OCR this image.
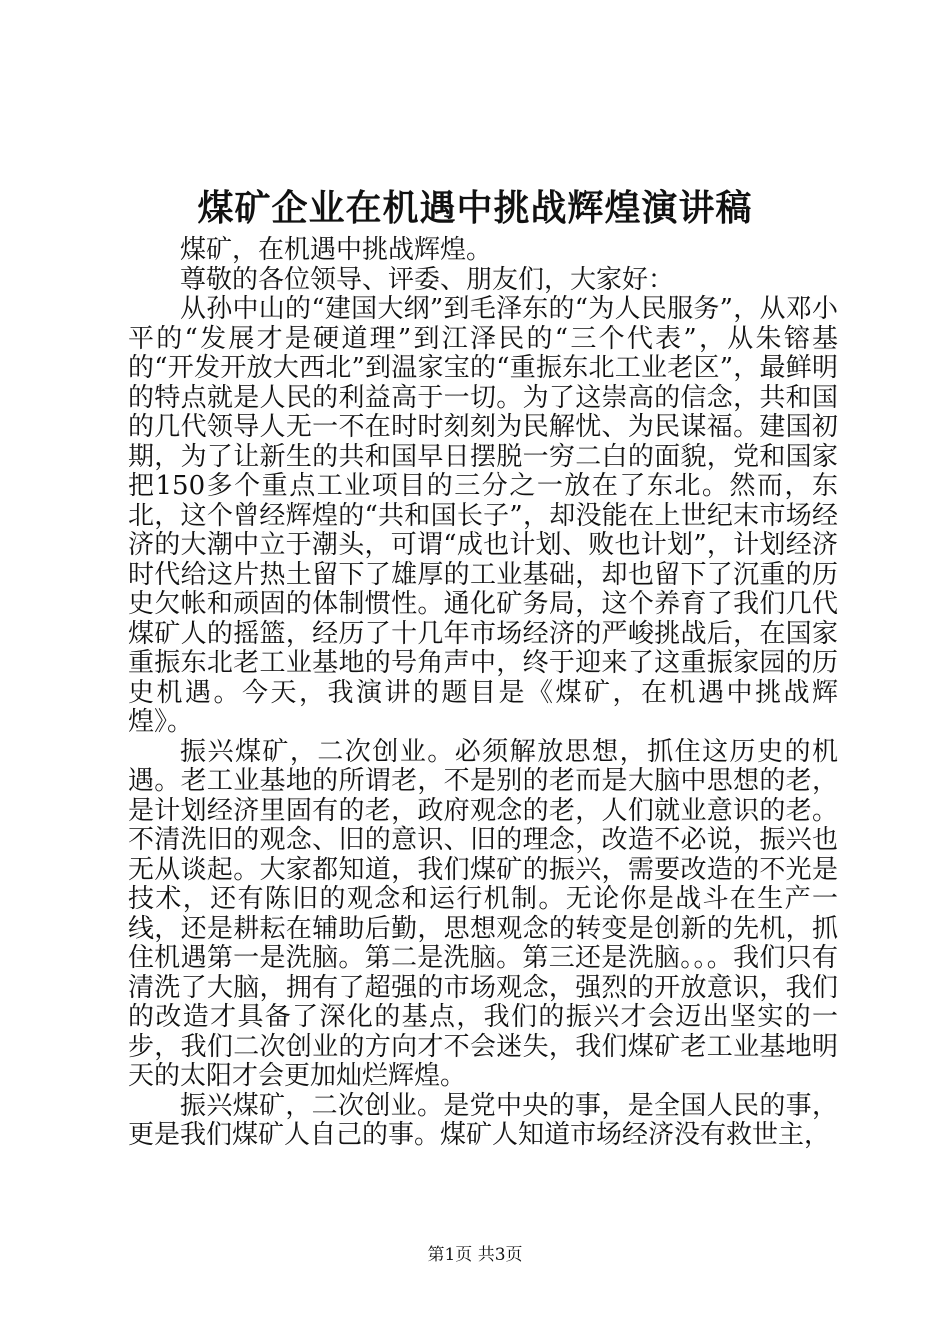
煤矿企业在机遇中挑战辉煌演讲稿

煤矿，在机遇中挑战辉煌。

尊敬的各位领导、评委、朋友们，大家好：

从孙中山的“建国大纲”到毛泽东的“为人民服务”，从邓小平的“发展才是硬道理”到江泽民的“三个代表”，从朱镕基的“开发开放大西北”到温家宝的“重振东北工业老区”，最鲜明的特点就是人民的利益高于一切。为了这崇高的信念，共和国的几代领导人无一不在时时刻刻为民解忧、为民谋福。建国初期，为了让新生的共和国早日摆脱一穷二白的面貌，党和国家把150多个重点工业项目的三分之一放在了东北。然而，东北，这个曾经辉煌的“共和国长子”，却没能在上世纪末市场经济的大潮中立于潮头，可谓“成也计划、败也计划”，计划经济时代给这片热土留下了雄厚的工业基础，却也留下了沉重的历史欠帐和顽固的体制惯性。通化矿务局，这个养育了我们几代煤矿人的摇篮，经历了十几年市场经济的严峻挑战后，在国家重振东北老工业基地的号角声中，终于迎来了这重振家园的历史机遇。今天，我演讲的题目是《煤矿，在机遇中挑战辉煌》。

振兴煤矿，二次创业。必须解放思想，抓住这历史的机遇。老工业基地的所谓老，不是别的老而是大脑中思想的老，是计划经济里固有的老，政府观念的老，人们就业意识的老。不清洗旧的观念、旧的意识、旧的理念，改造不必说，振兴也无从谈起。大家都知道，我们煤矿的振兴，需要改造的不光是技术，还有陈旧的观念和运行机制。无论你是战斗在生产一线，还是耕耘在辅助后勤，思想观念的转变是创新的先机，抓住机遇第一是洗脑。第二是洗脑。第三还是洗脑。。。我们只有清洗了大脑，拥有了超强的市场观念，强烈的开放意识，我们的改造才具备了深化的基点，我们的振兴才会迈出坚实的一步，我们二次创业的方向才不会迷失，我们煤矿老工业基地明天的太阳才会更加灿烂辉煌。

振兴煤矿，二次创业。是党中央的事，是全国人民的事，更是我们煤矿人自己的事。煤矿人知道市场经济没有救世主，

第1页 共3页
